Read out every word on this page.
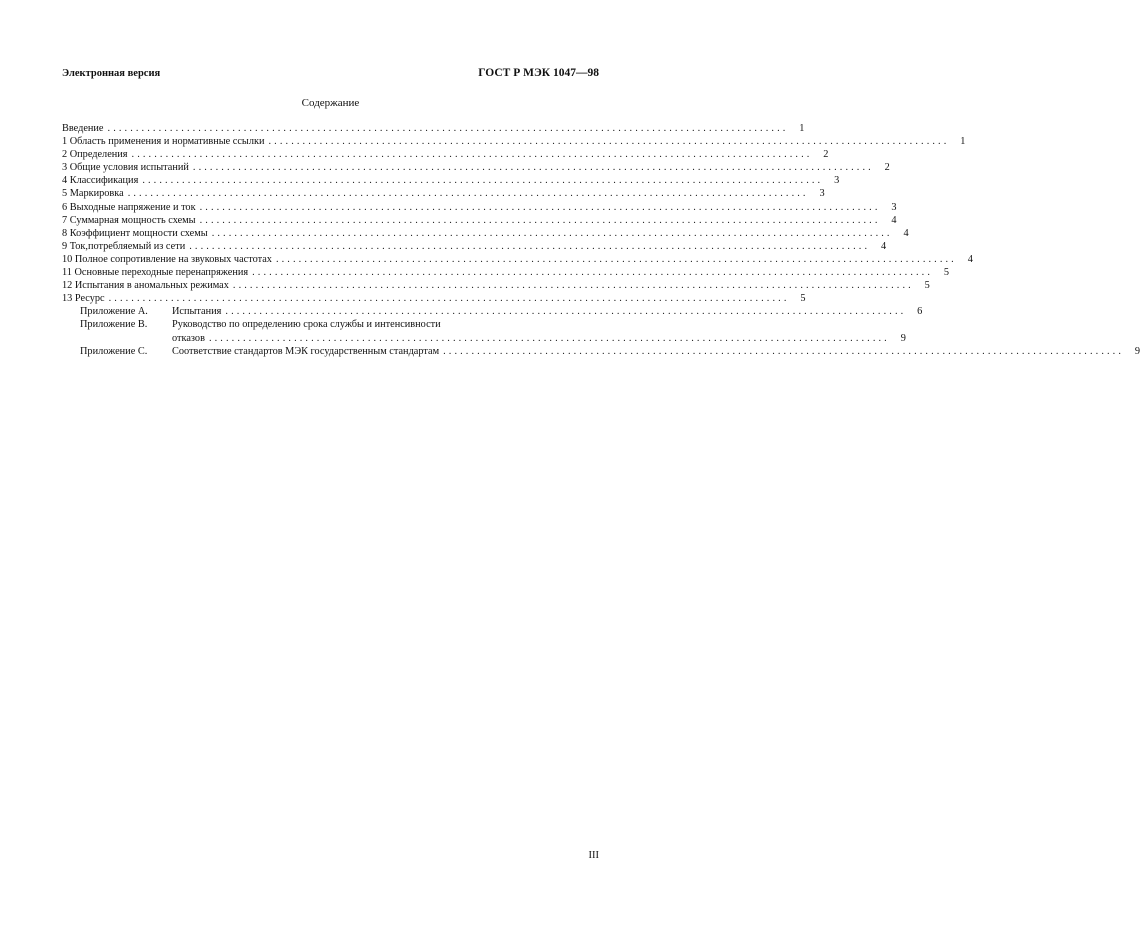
Электронная версия	ГОСТ Р МЭК 1047—98
Содержание
Введение ........................................................................................................................	1
1 Область применения и нормативные ссылки ........................................................................................................................	1
2 Определения ........................................................................................................................	2
3 Общие условия испытаний ........................................................................................................................	2
4 Классификация ........................................................................................................................	3
5 Маркировка ........................................................................................................................	3
6 Выходные напряжение и ток ........................................................................................................................	3
7 Суммарная мощность схемы ........................................................................................................................	4
8 Коэффициент мощности схемы ........................................................................................................................	4
9 Ток,потребляемый из сети ........................................................................................................................	4
10 Полное сопротивление на звуковых частотах ........................................................................................................................	4
11 Основные переходные перенапряжения ........................................................................................................................	5
12 Испытания в аномальных режимах ........................................................................................................................	5
13 Ресурс ........................................................................................................................	5
Приложение А.	Испытания ........................................................................................................................	6
Приложение В.	Руководство по определению срока службы и интенсивности
отказов ........................................................................................................................	9
Приложение С.	Соответствие стандартов МЭК государственным стандартам ........................................................................................................................	9
III
